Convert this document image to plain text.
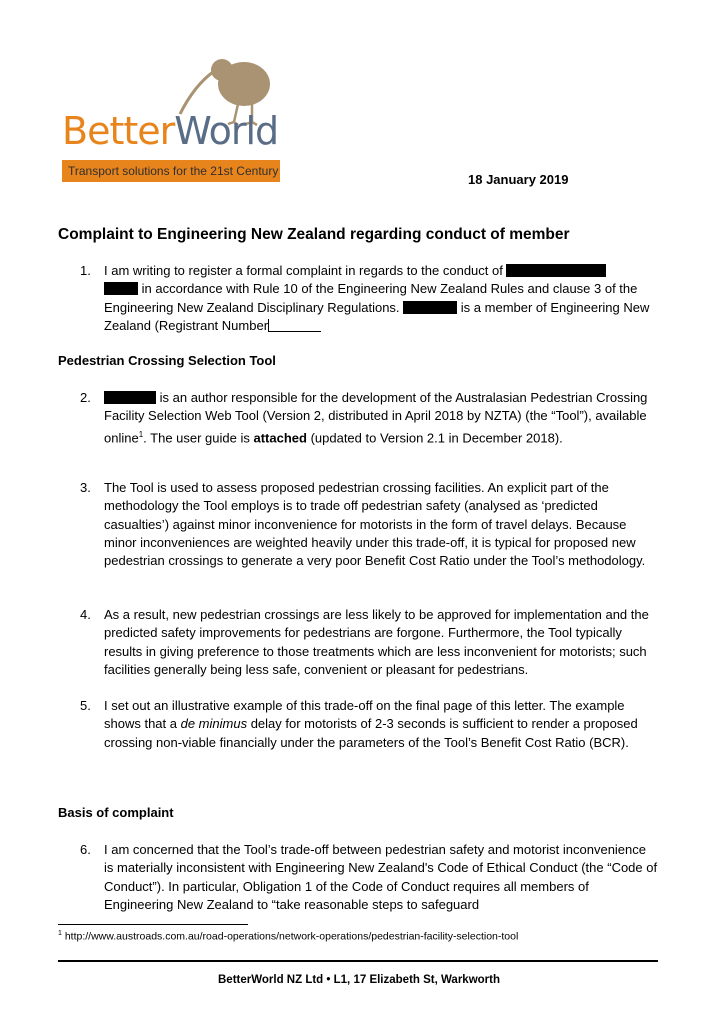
BetterWorld
Transport solutions for the 21st Century
18 January 2019
Complaint to Engineering New Zealand regarding conduct of member
1. I am writing to register a formal complaint in regards to the conduct of
in accordance with Rule 10 of the Engineering New Zealand Rules and clause 3 of the Engineering New Zealand Disciplinary Regulations.	is a member of Engineering New Zealand (Registrant Number
Pedestrian Crossing Selection Tool
2.	is an author responsible for the development of the Australasian Pedestrian Crossing Facility Selection Web Tool (Version 2, distributed in April 2018 by NZTA) (the “Tool”), available online$^1$. The user guide is attached (updated to Version 2.1 in December 2018).
3. The Tool is used to assess proposed pedestrian crossing facilities. An explicit part of the methodology the Tool employs is to trade off pedestrian safety (analysed as ‘predicted casualties’) against minor inconvenience for motorists in the form of travel delays. Because minor inconveniences are weighted heavily under this trade-off, it is typical for proposed new pedestrian crossings to generate a very poor Benefit Cost Ratio under the Tool’s methodology.
4. As a result, new pedestrian crossings are less likely to be approved for implementation and the predicted safety improvements for pedestrians are forgone. Furthermore, the Tool typically results in giving preference to those treatments which are less inconvenient for motorists; such facilities generally being less safe, convenient or pleasant for pedestrians.
5. I set out an illustrative example of this trade-off on the final page of this letter. The example shows that a de minimus delay for motorists of 2-3 seconds is sufficient to render a proposed crossing non-viable financially under the parameters of the Tool’s Benefit Cost Ratio (BCR).
Basis of complaint
6. I am concerned that the Tool’s trade-off between pedestrian safety and motorist inconvenience is materially inconsistent with Engineering New Zealand's Code of Ethical Conduct (the “Code of Conduct”). In particular, Obligation 1 of the Code of Conduct requires all members of Engineering New Zealand to “take reasonable steps to safeguard
$^1$ http://www.austroads.com.au/road-operations/network-operations/pedestrian-facility-selection-tool
BetterWorld NZ Ltd • L1, 17 Elizabeth St, Warkworth
